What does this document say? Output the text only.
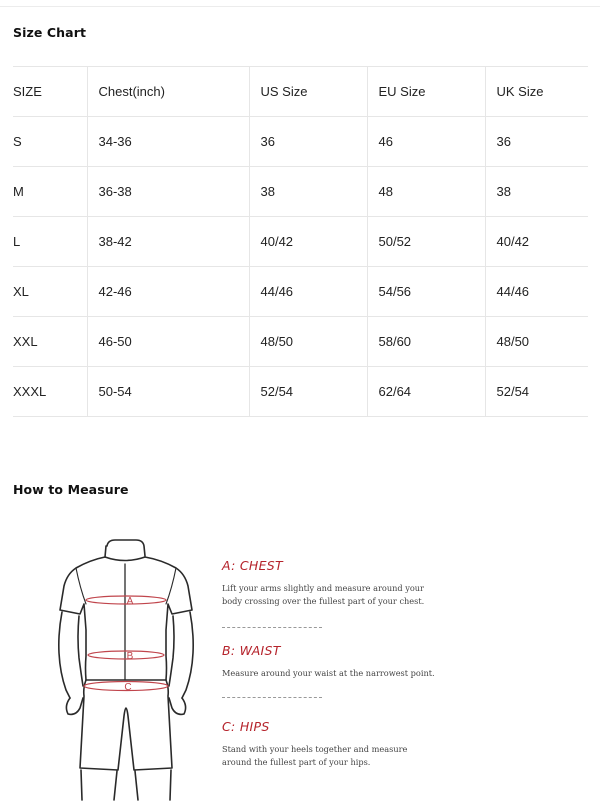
Size Chart
SIZE	Chest(inch)	US Size	EU Size	UK Size
S	34-36	36	46	36
M	36-38	38	48	38
L	38-42	40/42	50/52	40/42
XL	42-46	44/46	54/56	44/46
XXL	46-50	48/50	58/60	48/50
XXXL	50-54	52/54	62/64	52/54
How to Measure
A
B
C
A: CHEST
Lift your arms slightly and measure around your body crossing over the fullest part of your chest.
B: WAIST
Measure around your waist at the narrowest point.
C: HIPS
Stand with your heels together and measure around the fullest part of your hips.
